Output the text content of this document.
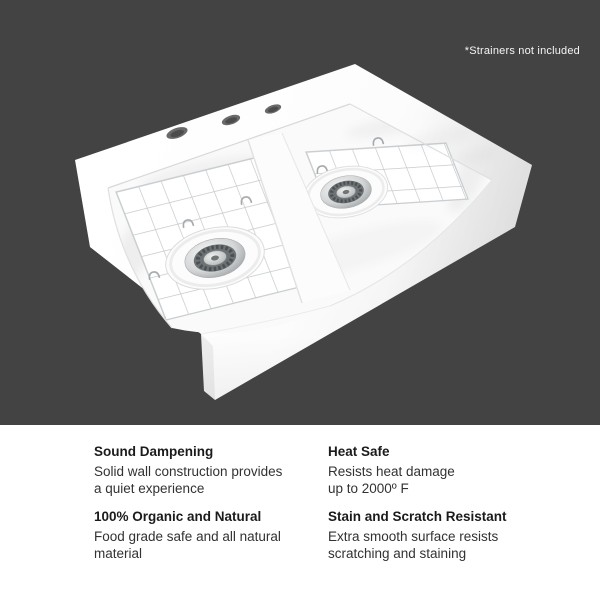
*Strainers not included
Sound Dampening
Solid wall construction provides
a quiet experience
Heat Safe
Resists heat damage
up to 2000º F
100% Organic and Natural
Food grade safe and all natural
material
Stain and Scratch Resistant
Extra smooth surface resists
scratching and staining
